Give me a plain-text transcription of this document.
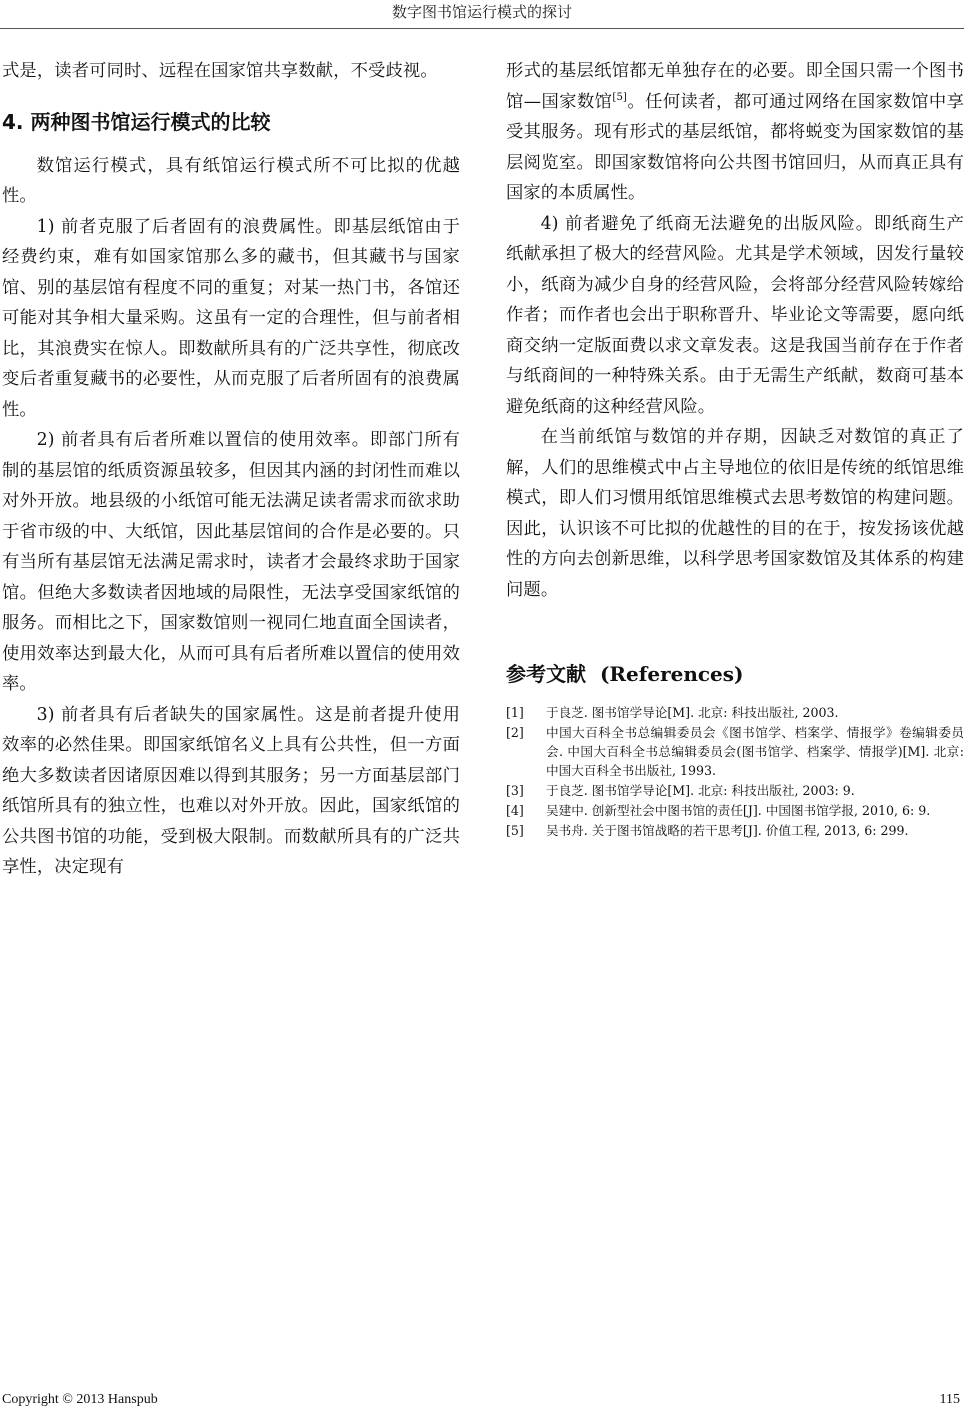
数字图书馆运行模式的探讨

式是，读者可同时、远程在国家馆共享数献，不受歧视。

4. 两种图书馆运行模式的比较

数馆运行模式，具有纸馆运行模式所不可比拟的优越性。

1) 前者克服了后者固有的浪费属性。即基层纸馆由于经费约束，难有如国家馆那么多的藏书，但其藏书与国家馆、别的基层馆有程度不同的重复；对某一热门书，各馆还可能对其争相大量采购。这虽有一定的合理性，但与前者相比，其浪费实在惊人。即数献所具有的广泛共享性，彻底改变后者重复藏书的必要性，从而克服了后者所固有的浪费属性。

2) 前者具有后者所难以置信的使用效率。即部门所有制的基层馆的纸质资源虽较多，但因其内涵的封闭性而难以对外开放。地县级的小纸馆可能无法满足读者需求而欲求助于省市级的中、大纸馆，因此基层馆间的合作是必要的。只有当所有基层馆无法满足需求时，读者才会最终求助于国家馆。但绝大多数读者因地域的局限性，无法享受国家纸馆的服务。而相比之下，国家数馆则一视同仁地直面全国读者，使用效率达到最大化，从而可具有后者所难以置信的使用效率。

3) 前者具有后者缺失的国家属性。这是前者提升使用效率的必然佳果。即国家纸馆名义上具有公共性，但一方面绝大多数读者因诸原因难以得到其服务；另一方面基层部门纸馆所具有的独立性，也难以对外开放。因此，国家纸馆的公共图书馆的功能，受到极大限制。而数献所具有的广泛共享性，决定现有

形式的基层纸馆都无单独存在的必要。即全国只需一个图书馆—国家数馆[5]。任何读者，都可通过网络在国家数馆中享受其服务。现有形式的基层纸馆，都将蜕变为国家数馆的基层阅览室。即国家数馆将向公共图书馆回归，从而真正具有国家的本质属性。

4) 前者避免了纸商无法避免的出版风险。即纸商生产纸献承担了极大的经营风险。尤其是学术领域，因发行量较小，纸商为减少自身的经营风险，会将部分经营风险转嫁给作者；而作者也会出于职称晋升、毕业论文等需要，愿向纸商交纳一定版面费以求文章发表。这是我国当前存在于作者与纸商间的一种特殊关系。由于无需生产纸献，数商可基本避免纸商的这种经营风险。

在当前纸馆与数馆的并存期，因缺乏对数馆的真正了解，人们的思维模式中占主导地位的依旧是传统的纸馆思维模式，即人们习惯用纸馆思维模式去思考数馆的构建问题。因此，认识该不可比拟的优越性的目的在于，按发扬该优越性的方向去创新思维，以科学思考国家数馆及其体系的构建问题。

参考文献 (References)
[1]	于良芝. 图书馆学导论[M]. 北京: 科技出版社, 2003.
[2]	中国大百科全书总编辑委员会《图书馆学、档案学、情报学》卷编辑委员会. 中国大百科全书总编辑委员会(图书馆学、档案学、情报学)[M]. 北京: 中国大百科全书出版社, 1993.
[3]	于良芝. 图书馆学导论[M]. 北京: 科技出版社, 2003: 9.
[4]	吴建中. 创新型社会中图书馆的责任[J]. 中国图书馆学报, 2010, 6: 9.
[5]	吴书舟. 关于图书馆战略的若干思考[J]. 价值工程, 2013, 6: 299.
Copyright © 2013 Hanspub	115
